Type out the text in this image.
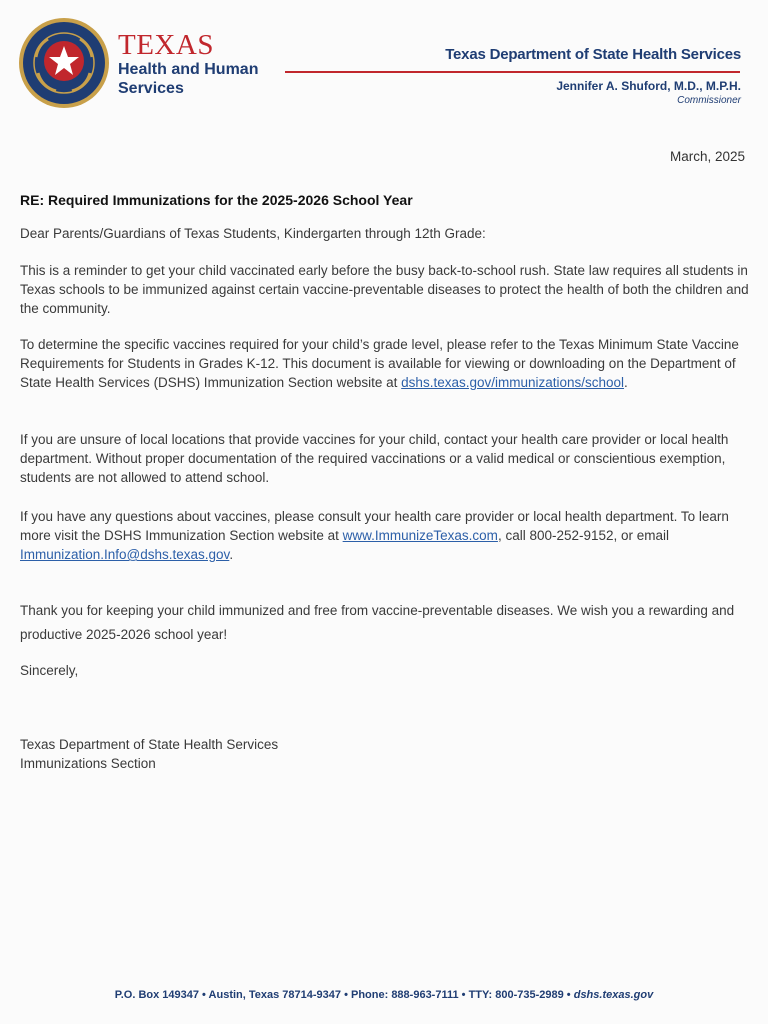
TEXAS
Health and Human
Services
Texas Department of State Health Services
Jennifer A. Shuford, M.D., M.P.H.
Commissioner
March, 2025
RE: Required Immunizations for the 2025-2026 School Year

Dear Parents/Guardians of Texas Students, Kindergarten through 12th Grade:

This is a reminder to get your child vaccinated early before the busy back-to-school rush. State law requires all students in Texas schools to be immunized against certain vaccine-preventable diseases to protect the health of both the children and the community.

To determine the specific vaccines required for your child’s grade level, please refer to the Texas Minimum State Vaccine Requirements for Students in Grades K-12. This document is available for viewing or downloading on the Department of State Health Services (DSHS) Immunization Section website at dshs.texas.gov/immunizations/school.

If you are unsure of local locations that provide vaccines for your child, contact your health care provider or local health department. Without proper documentation of the required vaccinations or a valid medical or conscientious exemption, students are not allowed to attend school.

If you have any questions about vaccines, please consult your health care provider or local health department. To learn more visit the DSHS Immunization Section website at www.ImmunizeTexas.com, call 800-252-9152, or email Immunization.Info@dshs.texas.gov.

Thank you for keeping your child immunized and free from vaccine-preventable diseases. We wish you a rewarding and productive 2025-2026 school year!

Sincerely,

Texas Department of State Health Services

Immunizations Section

P.O. Box 149347 • Austin, Texas 78714-9347 • Phone: 888-963-7111 • TTY: 800-735-2989 • dshs.texas.gov
